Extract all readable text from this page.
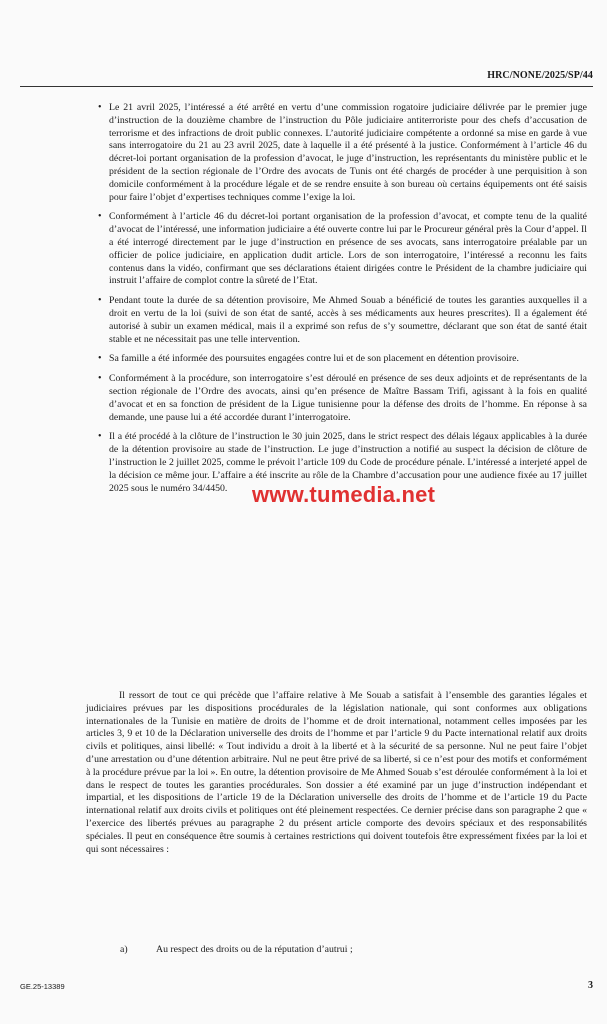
HRC/NONE/2025/SP/44
• Le 21 avril 2025, l’intéressé a été arrêté en vertu d’une commission rogatoire judiciaire délivrée par le premier juge d’instruction de la douzième chambre de l’instruction du Pôle judiciaire antiterroriste pour des chefs d’accusation de terrorisme et des infractions de droit public connexes. L’autorité judiciaire compétente a ordonné sa mise en garde à vue sans interrogatoire du 21 au 23 avril 2025, date à laquelle il a été présenté à la justice. Conformément à l’article 46 du décret-loi portant organisation de la profession d’avocat, le juge d’instruction, les représentants du ministère public et le président de la section régionale de l’Ordre des avocats de Tunis ont été chargés de procéder à une perquisition à son domicile conformément à la procédure légale et de se rendre ensuite à son bureau où certains équipements ont été saisis pour faire l’objet d’expertises techniques comme l’exige la loi.
• Conformément à l’article 46 du décret-loi portant organisation de la profession d’avocat, et compte tenu de la qualité d’avocat de l’intéressé, une information judiciaire a été ouverte contre lui par le Procureur général près la Cour d’appel. Il a été interrogé directement par le juge d’instruction en présence de ses avocats, sans interrogatoire préalable par un officier de police judiciaire, en application dudit article. Lors de son interrogatoire, l’intéressé a reconnu les faits contenus dans la vidéo, confirmant que ses déclarations étaient dirigées contre le Président de la chambre judiciaire qui instruit l’affaire de complot contre la sûreté de l’Etat.
• Pendant toute la durée de sa détention provisoire, Me Ahmed Souab a bénéficié de toutes les garanties auxquelles il a droit en vertu de la loi (suivi de son état de santé, accès à ses médicaments aux heures prescrites). Il a également été autorisé à subir un examen médical, mais il a exprimé son refus de s’y soumettre, déclarant que son état de santé était stable et ne nécessitait pas une telle intervention.
• Sa famille a été informée des poursuites engagées contre lui et de son placement en détention provisoire.
• Conformément à la procédure, son interrogatoire s’est déroulé en présence de ses deux adjoints et de représentants de la section régionale de l’Ordre des avocats, ainsi qu’en présence de Maître Bassam Trifi, agissant à la fois en qualité d’avocat et en sa fonction de président de la Ligue tunisienne pour la défense des droits de l’homme. En réponse à sa demande, une pause lui a été accordée durant l’interrogatoire.
• Il a été procédé à la clôture de l’instruction le 30 juin 2025, dans le strict respect des délais légaux applicables à la durée de la détention provisoire au stade de l’instruction. Le juge d’instruction a notifié au suspect la décision de clôture de l’instruction le 2 juillet 2025, comme le prévoit l’article 109 du Code de procédure pénale. L’intéressé a interjeté appel de la décision ce même jour. L’affaire a été inscrite au rôle de la Chambre d’accusation pour une audience fixée au 17 juillet 2025 sous le numéro 34/4450.	www.tumedia.net

Il ressort de tout ce qui précède que l’affaire relative à Me Souab a satisfait à l’ensemble des garanties légales et judiciaires prévues par les dispositions procédurales de la législation nationale, qui sont conformes aux obligations internationales de la Tunisie en matière de droits de l’homme et de droit international, notamment celles imposées par les articles 3, 9 et 10 de la Déclaration universelle des droits de l’homme et par l’article 9 du Pacte international relatif aux droits civils et politiques, ainsi libellé: « Tout individu a droit à la liberté et à la sécurité de sa personne. Nul ne peut faire l’objet d’une arrestation ou d’une détention arbitraire. Nul ne peut être privé de sa liberté, si ce n’est pour des motifs et conformément à la procédure prévue par la loi ». En outre, la détention provisoire de Me Ahmed Souab s’est déroulée conformément à la loi et dans le respect de toutes les garanties procédurales. Son dossier a été examiné par un juge d’instruction indépendant et impartial, et les dispositions de l’article 19 de la Déclaration universelle des droits de l’homme et de l’article 19 du Pacte international relatif aux droits civils et politiques ont été pleinement respectées. Ce dernier précise dans son paragraphe 2 que « l’exercice des libertés prévues au paragraphe 2 du présent article comporte des devoirs spéciaux et des responsabilités spéciales. Il peut en conséquence être soumis à certaines restrictions qui doivent toutefois être expressément fixées par la loi et qui sont nécessaires :

a)	Au respect des droits ou de la réputation d’autrui ;
GE.25-13389	3
